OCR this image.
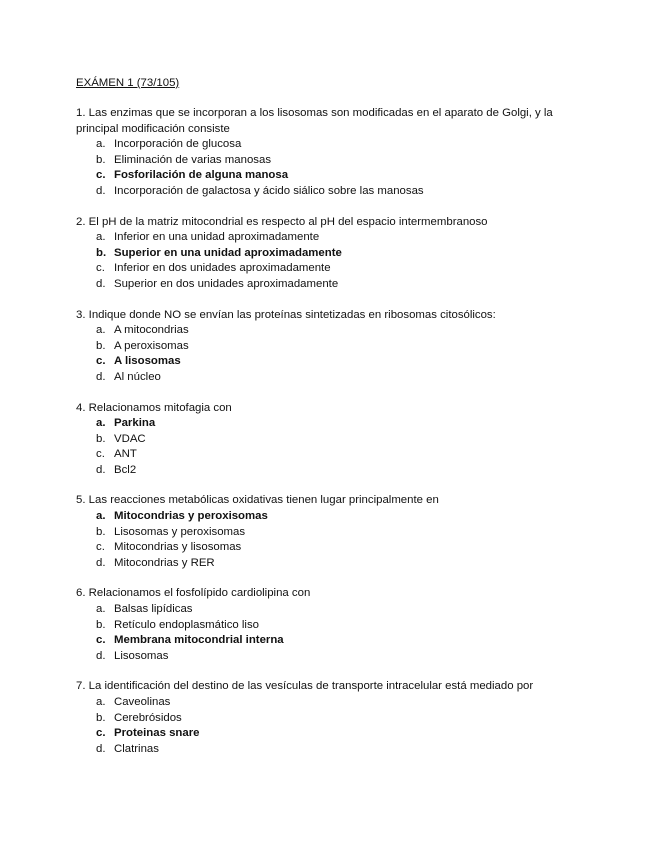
EXÁMEN 1 (73/105)

1. Las enzimas que se incorporan a los lisosomas son modificadas en el aparato de Golgi, y la principal modificación consiste

a. Incorporación de glucosa
b. Eliminación de varias manosas
c. Fosforilación de alguna manosa
d. Incorporación de galactosa y ácido siálico sobre las manosas

2. El pH de la matriz mitocondrial es respecto al pH del espacio intermembranoso

a. Inferior en una unidad aproximadamente
b. Superior en una unidad aproximadamente
c. Inferior en dos unidades aproximadamente
d. Superior en dos unidades aproximadamente

3. Indique donde NO se envían las proteínas sintetizadas en ribosomas citosólicos:

a. A mitocondrias
b. A peroxisomas
c. A lisosomas
d. Al núcleo

4. Relacionamos mitofagia con

a. Parkina
b. VDAC
c. ANT
d. Bcl2

5. Las reacciones metabólicas oxidativas tienen lugar principalmente en

a. Mitocondrias y peroxisomas
b. Lisosomas y peroxisomas
c. Mitocondrias y lisosomas
d. Mitocondrias y RER

6. Relacionamos el fosfolípido cardiolipina con

a. Balsas lipídicas
b. Retículo endoplasmático liso
c. Membrana mitocondrial interna
d. Lisosomas

7. La identificación del destino de las vesículas de transporte intracelular está mediado por

a. Caveolinas
b. Cerebrósidos
c. Proteinas snare
d. Clatrinas
